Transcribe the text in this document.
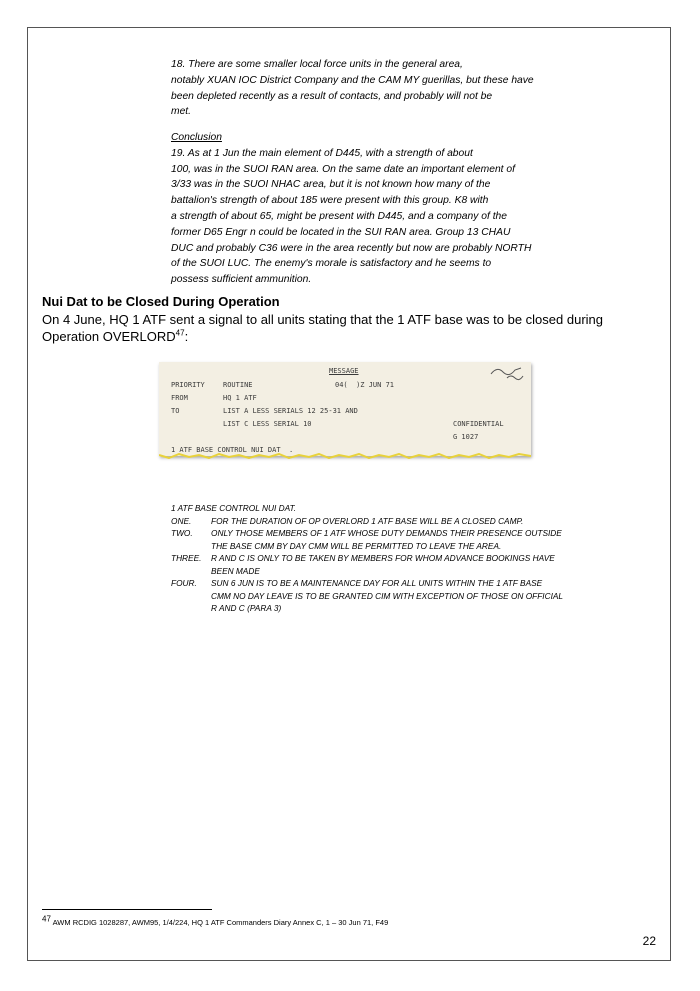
18. There are some smaller local force units in the general area,

notably XUAN IOC District Company and the CAM MY guerillas, but these have

been depleted recently as a result of contacts, and probably will not be

met.

Conclusion

19. As at 1 Jun the main element of D445, with a strength of about

100, was in the SUOI RAN area. On the same date an important element of

3/33 was in the SUOI NHAC area, but it is not known how many of the

battalion's strength of about 185 were present with this group. K8 with

a strength of about 65, might be present with D445, and a company of the

former D65 Engr n could be located in the SUI RAN area. Group 13 CHAU

DUC and probably C36 were in the area recently but now are probably NORTH

of the SUOI LUC. The enemy's morale is satisfactory and he seems to

possess sufficient ammunition.

Nui Dat to be Closed During Operation
On 4 June, HQ 1 ATF sent a signal to all units stating that the 1 ATF base was to be closed during Operation OVERLORD$^{47}$:
MESSAGE
PRIORITY	ROUTINE	04(  )Z JUN 71
FROM	HQ 1 ATF
TO	LIST A LESS SERIALS 12 25-31 AND
LIST C LESS SERIAL 10	CONFIDENTIAL
G 1027
1 ATF BASE CONTROL NUI DAT  .
1 ATF BASE CONTROL NUI DAT.
ONE.	FOR THE DURATION OF OP OVERLORD 1 ATF BASE WILL BE A CLOSED CAMP.
TWO.	ONLY THOSE MEMBERS OF 1 ATF WHOSE DUTY DEMANDS THEIR PRESENCE OUTSIDE
THE BASE CMM BY DAY CMM WILL BE PERMITTED TO LEAVE THE AREA.
THREE.	R AND C IS ONLY TO BE TAKEN BY MEMBERS FOR WHOM ADVANCE BOOKINGS HAVE
BEEN MADE
FOUR.	SUN 6 JUN IS TO BE A MAINTENANCE DAY FOR ALL UNITS WITHIN THE 1 ATF BASE
CMM NO DAY LEAVE IS TO BE GRANTED CIM WITH EXCEPTION OF THOSE ON OFFICIAL
R AND C (PARA 3)
47 AWM RCDIG 1028287, AWM95, 1/4/224, HQ 1 ATF Commanders Diary Annex C, 1 – 30 Jun 71, F49
22
